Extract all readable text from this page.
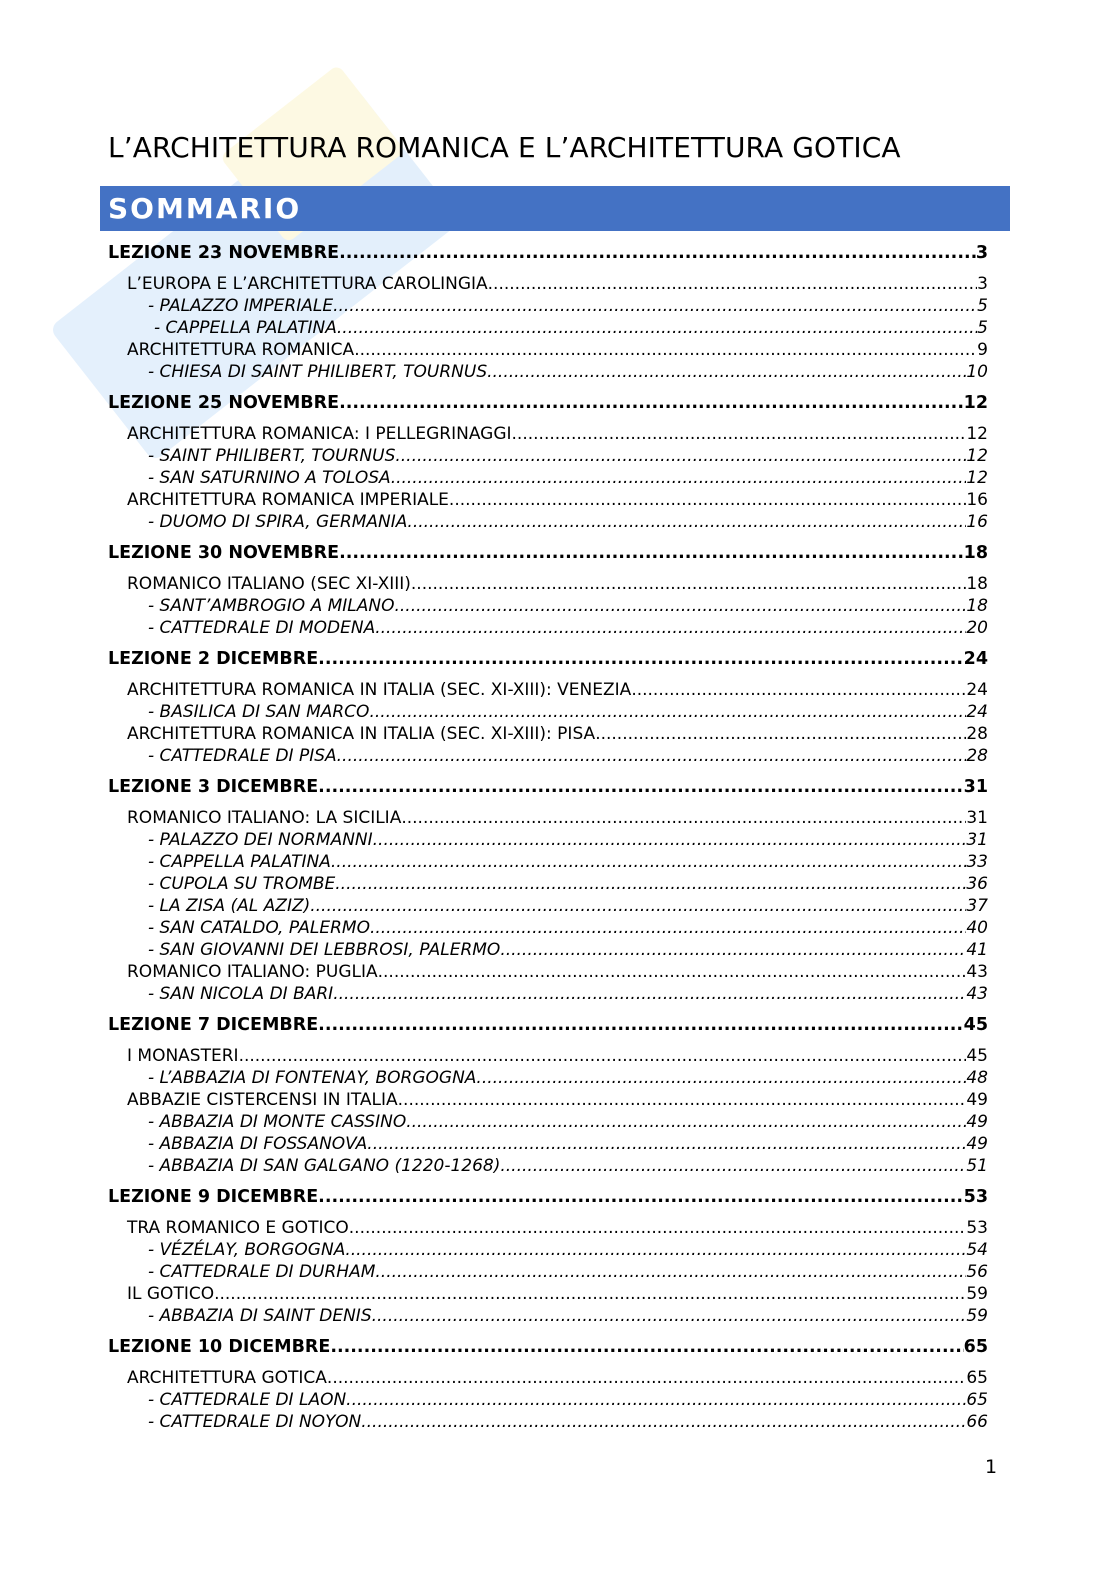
L’ARCHITETTURA ROMANICA E L’ARCHITETTURA GOTICA
SOMMARIO
LEZIONE 23 NOVEMBRE .....	3
L’EUROPA E L’ARCHITETTURA CAROLINGIA .....	3
- PALAZZO IMPERIALE .....	5
- CAPPELLA PALATINA .....	5
ARCHITETTURA ROMANICA .....	9
- CHIESA DI SAINT PHILIBERT, TOURNUS .....	10
LEZIONE 25 NOVEMBRE .....	12
ARCHITETTURA ROMANICA: I PELLEGRINAGGI .....	12
- SAINT PHILIBERT, TOURNUS .....	12
- SAN SATURNINO A TOLOSA .....	12
ARCHITETTURA ROMANICA IMPERIALE .....	16
- DUOMO DI SPIRA, GERMANIA .....	16
LEZIONE 30 NOVEMBRE .....	18
ROMANICO ITALIANO (SEC XI-XIII) .....	18
- SANT’AMBROGIO A MILANO .....	18
- CATTEDRALE DI MODENA .....	20
LEZIONE 2 DICEMBRE .....	24
ARCHITETTURA ROMANICA IN ITALIA (SEC. XI-XIII): VENEZIA .....	24
- BASILICA DI SAN MARCO .....	24
ARCHITETTURA ROMANICA IN ITALIA (SEC. XI-XIII): PISA .....	28
- CATTEDRALE DI PISA .....	28
LEZIONE 3 DICEMBRE .....	31
ROMANICO ITALIANO: LA SICILIA .....	31
- PALAZZO DEI NORMANNI .....	31
- CAPPELLA PALATINA .....	33
- CUPOLA SU TROMBE .....	36
- LA ZISA (AL AZIZ) .....	37
- SAN CATALDO, PALERMO .....	40
- SAN GIOVANNI DEI LEBBROSI, PALERMO .....	41
ROMANICO ITALIANO: PUGLIA .....	43
- SAN NICOLA DI BARI .....	43
LEZIONE 7 DICEMBRE .....	45
I MONASTERI .....	45
- L’ABBAZIA DI FONTENAY, BORGOGNA .....	48
ABBAZIE CISTERCENSI IN ITALIA .....	49
- ABBAZIA DI MONTE CASSINO .....	49
- ABBAZIA DI FOSSANOVA .....	49
- ABBAZIA DI SAN GALGANO (1220-1268) .....	51
LEZIONE 9 DICEMBRE .....	53
TRA ROMANICO E GOTICO .....	53
- VÉZÉLAY, BORGOGNA .....	54
- CATTEDRALE DI DURHAM .....	56
IL GOTICO .....	59
- ABBAZIA DI SAINT DENIS .....	59
LEZIONE 10 DICEMBRE .....	65
ARCHITETTURA GOTICA .....	65
- CATTEDRALE DI LAON .....	65
- CATTEDRALE DI NOYON .....	66
1
